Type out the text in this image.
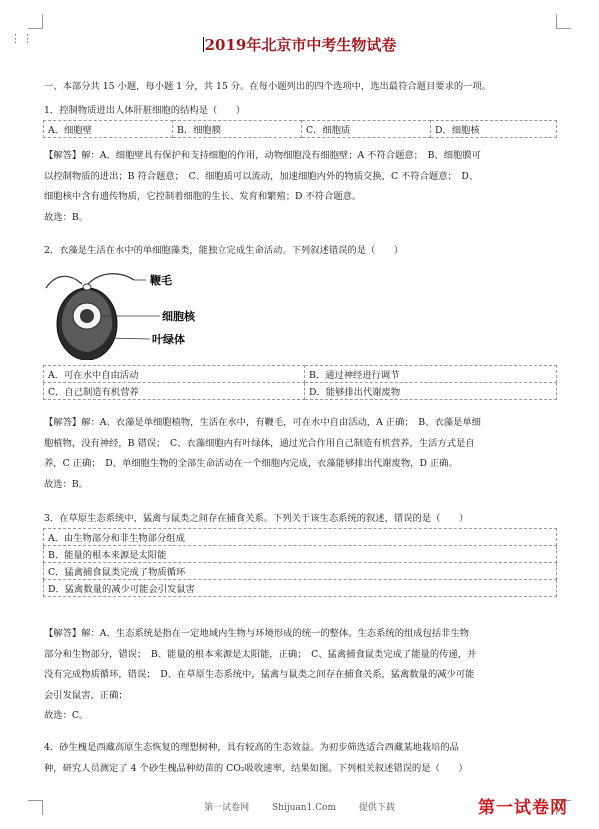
⋮⋮	2019年北京市中考生物试卷
一、本部分共 15 小题，每小题 1 分，共 15 分。在每小题列出的四个选项中，选出最符合题目要求的一项。
1．控制物质进出人体肝脏细胞的结构是（　　）
A．细胞壁	B．细胞膜	C．细胞质	D．细胞核
【解答】解：A、细胞壁具有保护和支持细胞的作用，动物细胞没有细胞壁；A 不符合题意；　B、细胞膜可
以控制物质的进出；B 符合题意；　C、细胞质可以流动，加速细胞内外的物质交换，C 不符合题意；　D、
细胞核中含有遗传物质，它控制着细胞的生长、发育和繁殖；D 不符合题意。
故选：B。
2．衣藻是生活在水中的单细胞藻类，能独立完成生命活动。下列叙述错误的是（　　）
鞭毛
细胞核
叶绿体
A．可在水中自由活动	B．通过神经进行调节
C．自己制造有机营养	D．能够排出代谢废物
【解答】解：A、衣藻是单细胞植物，生活在水中，有鞭毛，可在水中自由活动，A 正确；　B、衣藻是单细
胞植物，没有神经，B 错误；　C、衣藻细胞内有叶绿体，通过光合作用自己制造有机营养，生活方式是自
养，C 正确；　D、单细胞生物的全部生命活动在一个细胞内完成，衣藻能够排出代谢废物，D 正确。
故选：B。
3．在草原生态系统中，猛禽与鼠类之间存在捕食关系。下列关于该生态系统的叙述，错误的是（　　）
A．由生物部分和非生物部分组成
B．能量的根本来源是太阳能
C．猛禽捕食鼠类完成了物质循环
D．猛禽数量的减少可能会引发鼠害
【解答】解：A、生态系统是指在一定地域内生物与环境形成的统一的整体。生态系统的组成包括非生物
部分和生物部分，错误；　B、能量的根本来源是太阳能，正确；　C、猛禽捕食鼠类完成了能量的传递，并
没有完成物质循环，错误；　D、在草原生态系统中，猛禽与鼠类之间存在捕食关系，猛禽数量的减少可能
会引发鼠害，正确；
故选：C。
4．砂生槐是西藏高原生态恢复的理想树种，具有较高的生态效益。为初步筛选适合西藏某地栽培的品
种，研究人员测定了 4 个砂生槐品种幼苗的 CO₂吸收速率，结果如图。下列相关叙述错误的是（　　）
第一试卷网	Shijuan1.Com	提供下载	第一试卷网
